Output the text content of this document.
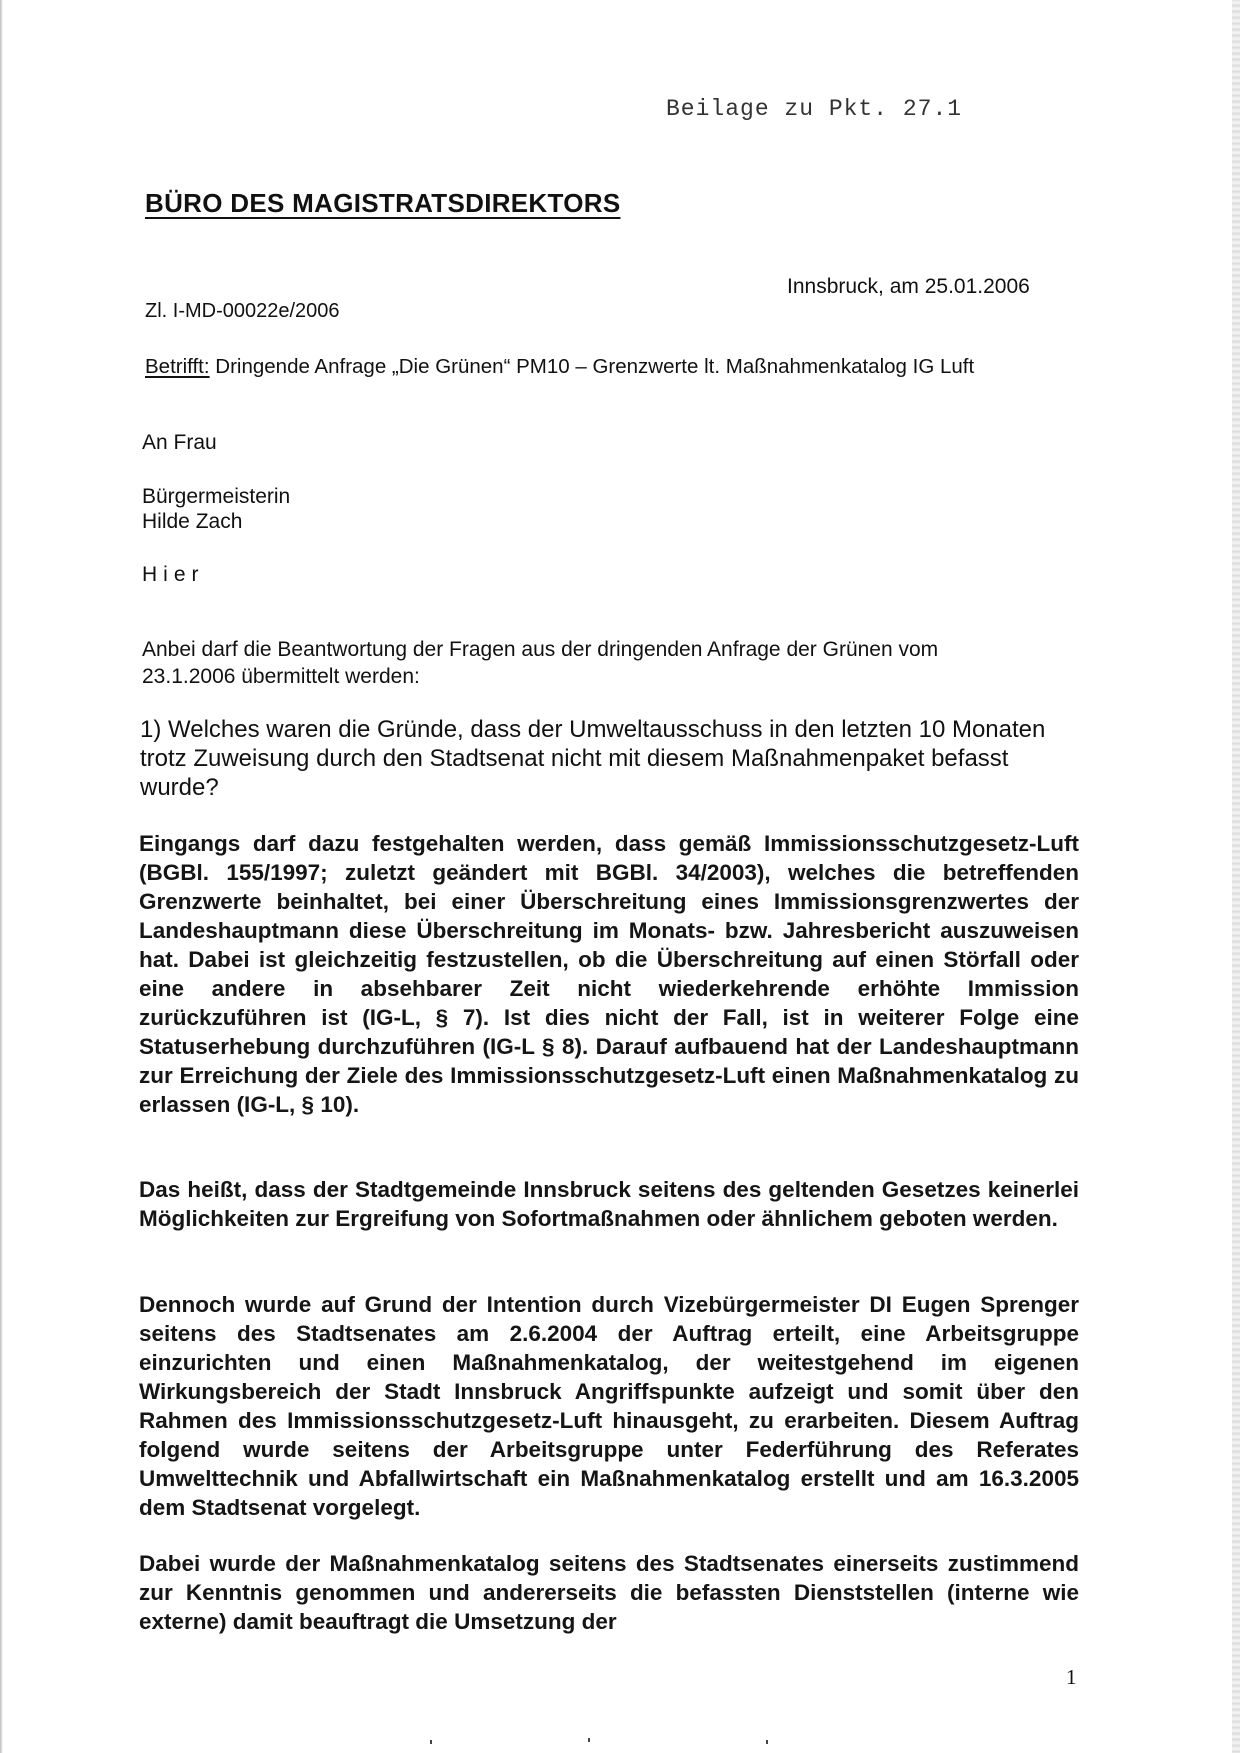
Beilage zu Pkt. 27.1
BÜRO DES MAGISTRATSDIREKTORS
Innsbruck, am 25.01.2006
Zl. I-MD-00022e/2006
Betrifft: Dringende Anfrage „Die Grünen“ PM10 – Grenzwerte lt. Maßnahmenkatalog IG Luft
An Frau
Bürgermeisterin
Hilde Zach
Hier
Anbei darf die Beantwortung der Fragen aus der dringenden Anfrage der Grünen vom 23.1.2006 übermittelt werden:
1) Welches waren die Gründe, dass der Umweltausschuss in den letzten 10 Monaten trotz Zuweisung durch den Stadtsenat nicht mit diesem Maßnahmenpaket befasst wurde?
Eingangs darf dazu festgehalten werden, dass gemäß Immissionsschutzgesetz-Luft (BGBl. 155/1997; zuletzt geändert mit BGBl. 34/2003), welches die betreffenden Grenzwerte beinhaltet, bei einer Überschreitung eines Immissionsgrenzwertes der Landeshauptmann diese Überschreitung im Monats- bzw. Jahresbericht auszuweisen hat. Dabei ist gleichzeitig festzustellen, ob die Überschreitung auf einen Störfall oder eine andere in absehbarer Zeit nicht wiederkehrende erhöhte Immission zurückzuführen ist (IG-L, § 7). Ist dies nicht der Fall, ist in weiterer Folge eine Statuserhebung durchzuführen (IG-L § 8). Darauf aufbauend hat der Landeshauptmann zur Erreichung der Ziele des Immissionsschutzgesetz-Luft einen Maßnahmenkatalog zu erlassen (IG-L, § 10).
Das heißt, dass der Stadtgemeinde Innsbruck seitens des geltenden Gesetzes keinerlei Möglichkeiten zur Ergreifung von Sofortmaßnahmen oder ähnlichem geboten werden.
Dennoch wurde auf Grund der Intention durch Vizebürgermeister DI Eugen Sprenger seitens des Stadtsenates am 2.6.2004 der Auftrag erteilt, eine Arbeitsgruppe einzurichten und einen Maßnahmenkatalog, der weitestgehend im eigenen Wirkungsbereich der Stadt Innsbruck Angriffspunkte aufzeigt und somit über den Rahmen des Immissionsschutzgesetz-Luft hinausgeht, zu erarbeiten. Diesem Auftrag folgend wurde seitens der Arbeitsgruppe unter Federführung des Referates Umwelttechnik und Abfallwirtschaft ein Maßnahmenkatalog erstellt und am 16.3.2005 dem Stadtsenat vorgelegt.
Dabei wurde der Maßnahmenkatalog seitens des Stadtsenates einerseits zustimmend zur Kenntnis genommen und andererseits die befassten Dienststellen (interne wie externe) damit beauftragt die Umsetzung der
1
